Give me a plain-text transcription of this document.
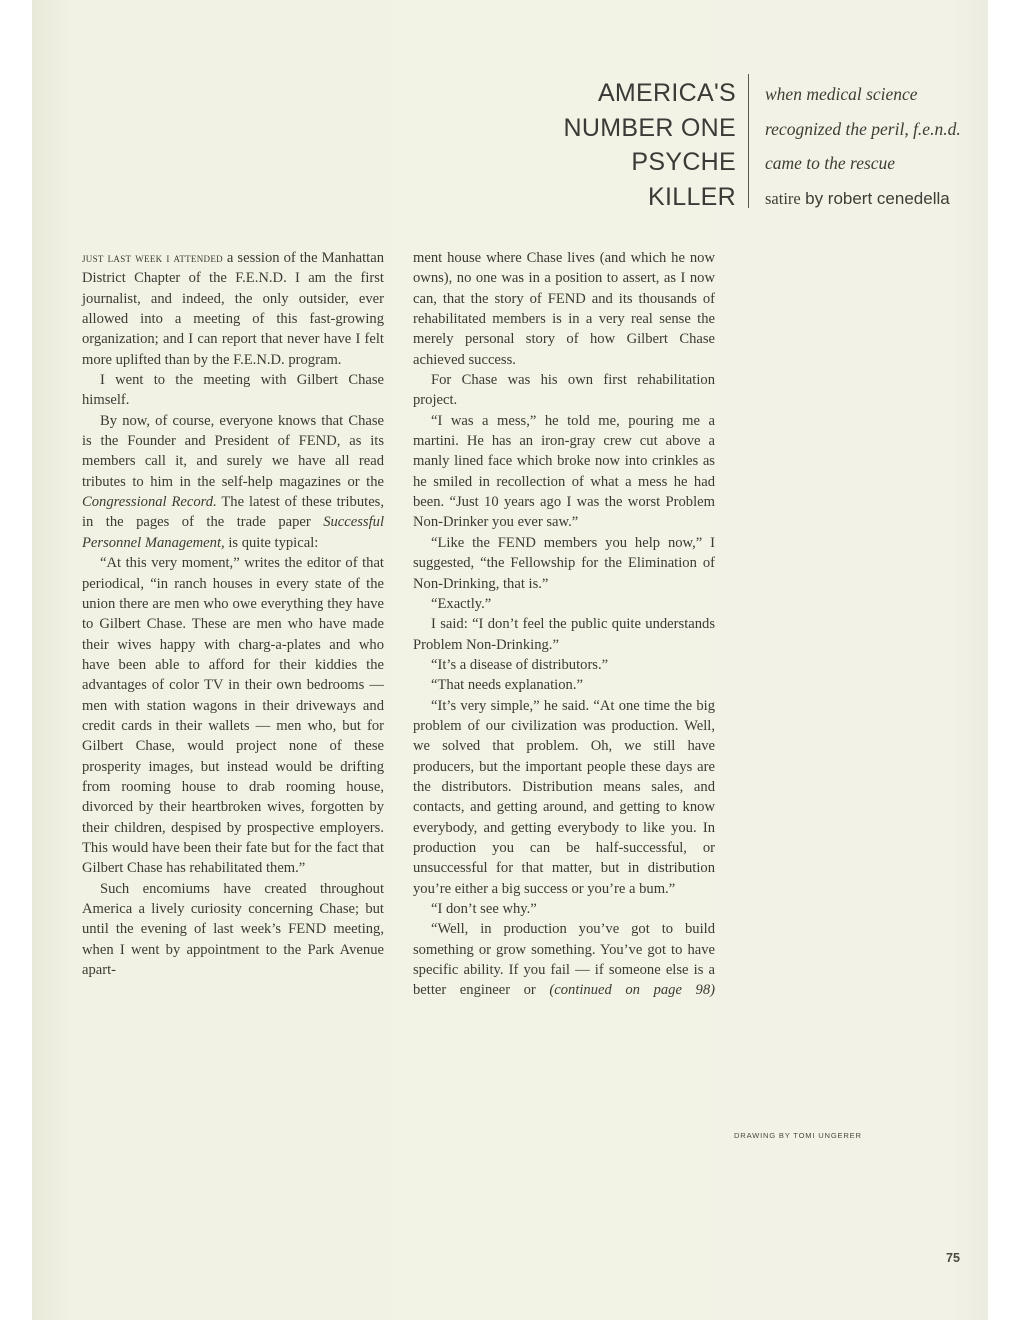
AMERICA'S
NUMBER ONE
PSYCHE
KILLER
when medical science
recognized the peril, f.e.n.d.
came to the rescue
satire by robert cenedella

just last week i attended a session of the Manhattan District Chapter of the F.E.N.D. I am the first journalist, and indeed, the only outsider, ever allowed into a meeting of this fast-growing organization; and I can report that never have I felt more uplifted than by the F.E.N.D. program.

I went to the meeting with Gilbert Chase himself.

By now, of course, everyone knows that Chase is the Founder and President of FEND, as its members call it, and surely we have all read tributes to him in the self-help magazines or the Congressional Record. The latest of these tributes, in the pages of the trade paper Successful Personnel Management, is quite typical:

“At this very moment,” writes the editor of that periodical, “in ranch houses in every state of the union there are men who owe everything they have to Gilbert Chase. These are men who have made their wives happy with charg-a-plates and who have been able to afford for their kiddies the advantages of color TV in their own bedrooms — men with station wagons in their driveways and credit cards in their wallets — men who, but for Gilbert Chase, would project none of these prosperity images, but instead would be drifting from rooming house to drab rooming house, divorced by their heartbroken wives, forgotten by their children, despised by prospective employers. This would have been their fate but for the fact that Gilbert Chase has rehabilitated them.”

Such encomiums have created throughout America a lively curiosity concerning Chase; but until the evening of last week’s FEND meeting, when I went by appointment to the Park Avenue apart-

ment house where Chase lives (and which he now owns), no one was in a position to assert, as I now can, that the story of FEND and its thousands of rehabilitated members is in a very real sense the merely personal story of how Gilbert Chase achieved success.

For Chase was his own first rehabilitation project.

“I was a mess,” he told me, pouring me a martini. He has an iron-gray crew cut above a manly lined face which broke now into crinkles as he smiled in recollection of what a mess he had been. “Just 10 years ago I was the worst Problem Non-Drinker you ever saw.”

“Like the FEND members you help now,” I suggested, “the Fellowship for the Elimination of Non-Drinking, that is.”

“Exactly.”

I said: “I don’t feel the public quite understands Problem Non-Drinking.”

“It’s a disease of distributors.”

“That needs explanation.”

“It’s very simple,” he said. “At one time the big problem of our civilization was production. Well, we solved that problem. Oh, we still have producers, but the important people these days are the distributors. Distribution means sales, and contacts, and getting around, and getting to know everybody, and getting everybody to like you. In production you can be half-successful, or unsuccessful for that matter, but in distribution you’re either a big success or you’re a bum.”

“I don’t see why.”

“Well, in production you’ve got to build something or grow something. You’ve got to have specific ability. If you fail — if someone else is a better engineer or (continued on page 98)

DRAWING BY TOMI UNGERER
75
